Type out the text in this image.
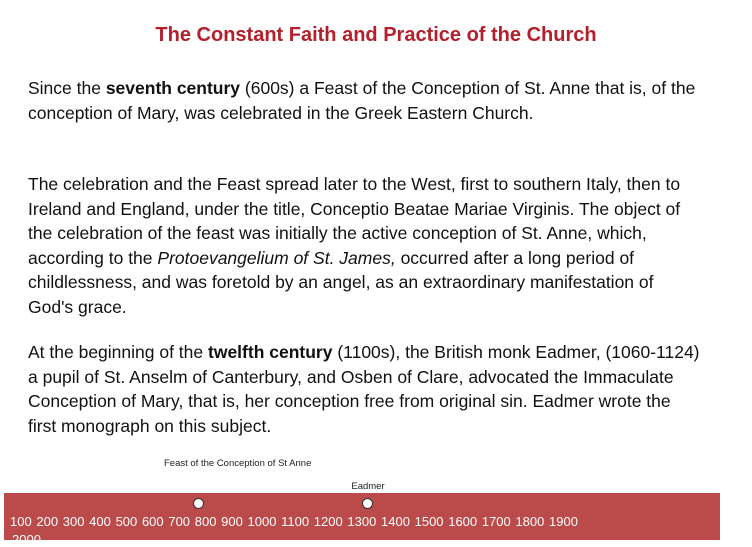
The Constant Faith and Practice of the Church

Since the seventh century (600s) a Feast of the Conception of St. Anne that is, of the conception of Mary, was celebrated in the Greek Eastern Church.

The celebration and the Feast spread later to the West, first to southern Italy, then to Ireland and England, under the title, Conceptio Beatae Mariae Virginis. The object of the celebration of the feast was initially the active conception of St. Anne, which, according to the Protoevangelium of St. James, occurred after a long period of childlessness, and was foretold by an angel, as an extraordinary manifestation of God's grace.

At the beginning of the twelfth century (1100s), the British monk Eadmer, (1060-1124) a pupil of St. Anselm of Canterbury, and Osben of Clare, advocated the Immaculate Conception of Mary, that is, her conception free from original sin. Eadmer wrote the first monograph on this subject.

Feast of the Conception of St Anne
Eadmer
100 200 300 400 500 600 700 800 900 1000 1100 1200 1300 1400 1500 1600 1700 1800 1900
2000
